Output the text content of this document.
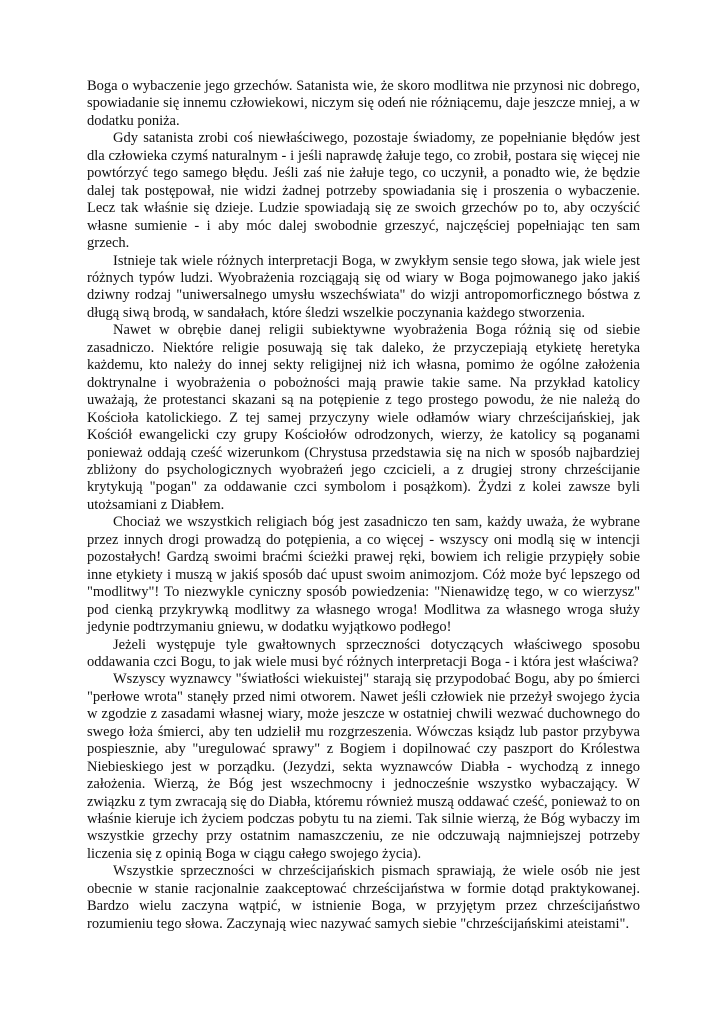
Boga o wybaczenie jego grzechów. Satanista wie, że skoro modlitwa nie przynosi nic dobrego, spowiadanie się innemu człowiekowi, niczym się odeń nie różniącemu, daje jeszcze mniej, a w dodatku poniża.

Gdy satanista zrobi coś niewłaściwego, pozostaje świadomy, ze popełnianie błędów jest dla człowieka czymś naturalnym - i jeśli naprawdę żałuje tego, co zrobił, postara się więcej nie powtórzyć tego samego błędu. Jeśli zaś nie żałuje tego, co uczynił, a ponadto wie, że będzie dalej tak postępował, nie widzi żadnej potrzeby spowiadania się i proszenia o wybaczenie. Lecz tak właśnie się dzieje. Ludzie spowiadają się ze swoich grzechów po to, aby oczyścić własne sumienie - i aby móc dalej swobodnie grzeszyć, najczęściej popełniając ten sam grzech.

Istnieje tak wiele różnych interpretacji Boga, w zwykłym sensie tego słowa, jak wiele jest różnych typów ludzi. Wyobrażenia rozciągają się od wiary w Boga pojmowanego jako jakiś dziwny rodzaj "uniwersalnego umysłu wszechświata" do wizji antropomorficznego bóstwa z długą siwą brodą, w sandałach, które śledzi wszelkie poczynania każdego stworzenia.

Nawet w obrębie danej religii subiektywne wyobrażenia Boga różnią się od siebie zasadniczo. Niektóre religie posuwają się tak daleko, że przyczepiają etykietę heretyka każdemu, kto należy do innej sekty religijnej niż ich własna, pomimo że ogólne założenia doktrynalne i wyobrażenia o pobożności mają prawie takie same. Na przykład katolicy uważają, że protestanci skazani są na potępienie z tego prostego powodu, że nie należą do Kościoła katolickiego. Z tej samej przyczyny wiele odłamów wiary chrześcijańskiej, jak Kościół ewangelicki czy grupy Kościołów odrodzonych, wierzy, że katolicy są poganami ponieważ oddają cześć wizerunkom (Chrystusa przedstawia się na nich w sposób najbardziej zbliżony do psychologicznych wyobrażeń jego czcicieli, a z drugiej strony chrześcijanie krytykują "pogan" za oddawanie czci symbolom i posążkom). Żydzi z kolei zawsze byli utożsamiani z Diabłem.

Chociaż we wszystkich religiach bóg jest zasadniczo ten sam, każdy uważa, że wybrane przez innych drogi prowadzą do potępienia, a co więcej - wszyscy oni modlą się w intencji pozostałych! Gardzą swoimi braćmi ścieżki prawej ręki, bowiem ich religie przypięły sobie inne etykiety i muszą w jakiś sposób dać upust swoim animozjom. Cóż może być lepszego od "modlitwy"! To niezwykle cyniczny sposób powiedzenia: "Nienawidzę tego, w co wierzysz" pod cienką przykrywką modlitwy za własnego wroga! Modlitwa za własnego wroga służy jedynie podtrzymaniu gniewu, w dodatku wyjątkowo podłego!

Jeżeli występuje tyle gwałtownych sprzeczności dotyczących właściwego sposobu oddawania czci Bogu, to jak wiele musi być różnych interpretacji Boga - i która jest właściwa?

Wszyscy wyznawcy "światłości wiekuistej" starają się przypodobać Bogu, aby po śmierci "perłowe wrota" stanęły przed nimi otworem. Nawet jeśli człowiek nie przeżył swojego życia w zgodzie z zasadami własnej wiary, może jeszcze w ostatniej chwili wezwać duchownego do swego łoża śmierci, aby ten udzielił mu rozgrzeszenia. Wówczas ksiądz lub pastor przybywa pospiesznie, aby "uregulować sprawy" z Bogiem i dopilnować czy paszport do Królestwa Niebieskiego jest w porządku. (Jezydzi, sekta wyznawców Diabła - wychodzą z innego założenia. Wierzą, że Bóg jest wszechmocny i jednocześnie wszystko wybaczający. W związku z tym zwracają się do Diabła, któremu również muszą oddawać cześć, ponieważ to on właśnie kieruje ich życiem podczas pobytu tu na ziemi. Tak silnie wierzą, że Bóg wybaczy im wszystkie grzechy przy ostatnim namaszczeniu, ze nie odczuwają najmniejszej potrzeby liczenia się z opinią Boga w ciągu całego swojego życia).

Wszystkie sprzeczności w chrześcijańskich pismach sprawiają, że wiele osób nie jest obecnie w stanie racjonalnie zaakceptować chrześcijaństwa w formie dotąd praktykowanej. Bardzo wielu zaczyna wątpić, w istnienie Boga, w przyjętym przez chrześcijaństwo rozumieniu tego słowa. Zaczynają wiec nazywać samych siebie "chrześcijańskimi ateistami".
